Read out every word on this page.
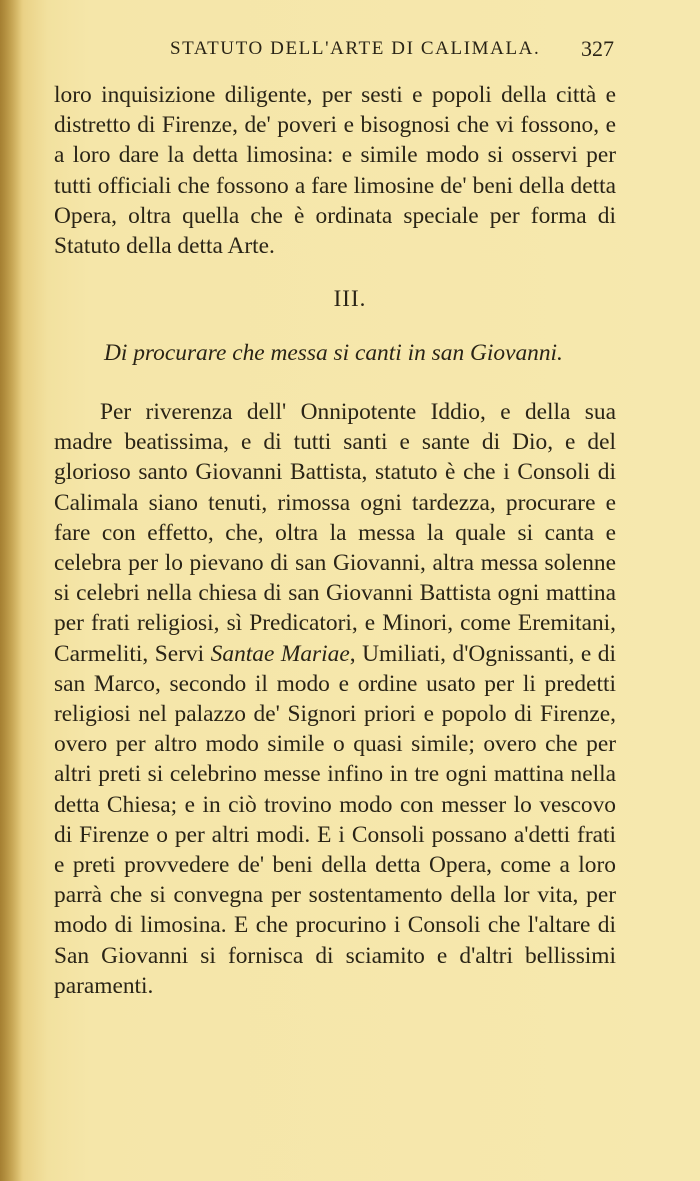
STATUTO DELL'ARTE DI CALIMALA. 327

loro inquisizione diligente, per sesti e popoli della città e distretto di Firenze, de' poveri e bisognosi che vi fossono, e a loro dare la detta limosina: e simile modo si osservi per tutti officiali che fossono a fare limosine de' beni della detta Opera, oltra quella che è ordinata speciale per forma di Statuto della detta Arte.

III.
Di procurare che messa si canti in san Giovanni.

Per riverenza dell' Onnipotente Iddio, e della sua madre beatissima, e di tutti santi e sante di Dio, e del glorioso santo Giovanni Battista, statuto è che i Consoli di Calimala siano tenuti, rimossa ogni tardezza, procurare e fare con effetto, che, oltra la messa la quale si canta e celebra per lo pievano di san Giovanni, altra messa solenne si celebri nella chiesa di san Giovanni Battista ogni mattina per frati religiosi, sì Predicatori, e Minori, come Eremitani, Carmeliti, Servi Santae Mariae, Umiliati, d'Ognissanti, e di san Marco, secondo il modo e ordine usato per li predetti religiosi nel palazzo de' Signori priori e popolo di Firenze, overo per altro modo simile o quasi simile; overo che per altri preti si celebrino messe infino in tre ogni mattina nella detta Chiesa; e in ciò trovino modo con messer lo vescovo di Firenze o per altri modi. E i Consoli possano a'detti frati e preti provvedere de' beni della detta Opera, come a loro parrà che si convegna per sostentamento della lor vita, per modo di limosina. E che procurino i Consoli che l'altare di San Giovanni si fornisca di sciamito e d'altri bellissimi paramenti.
